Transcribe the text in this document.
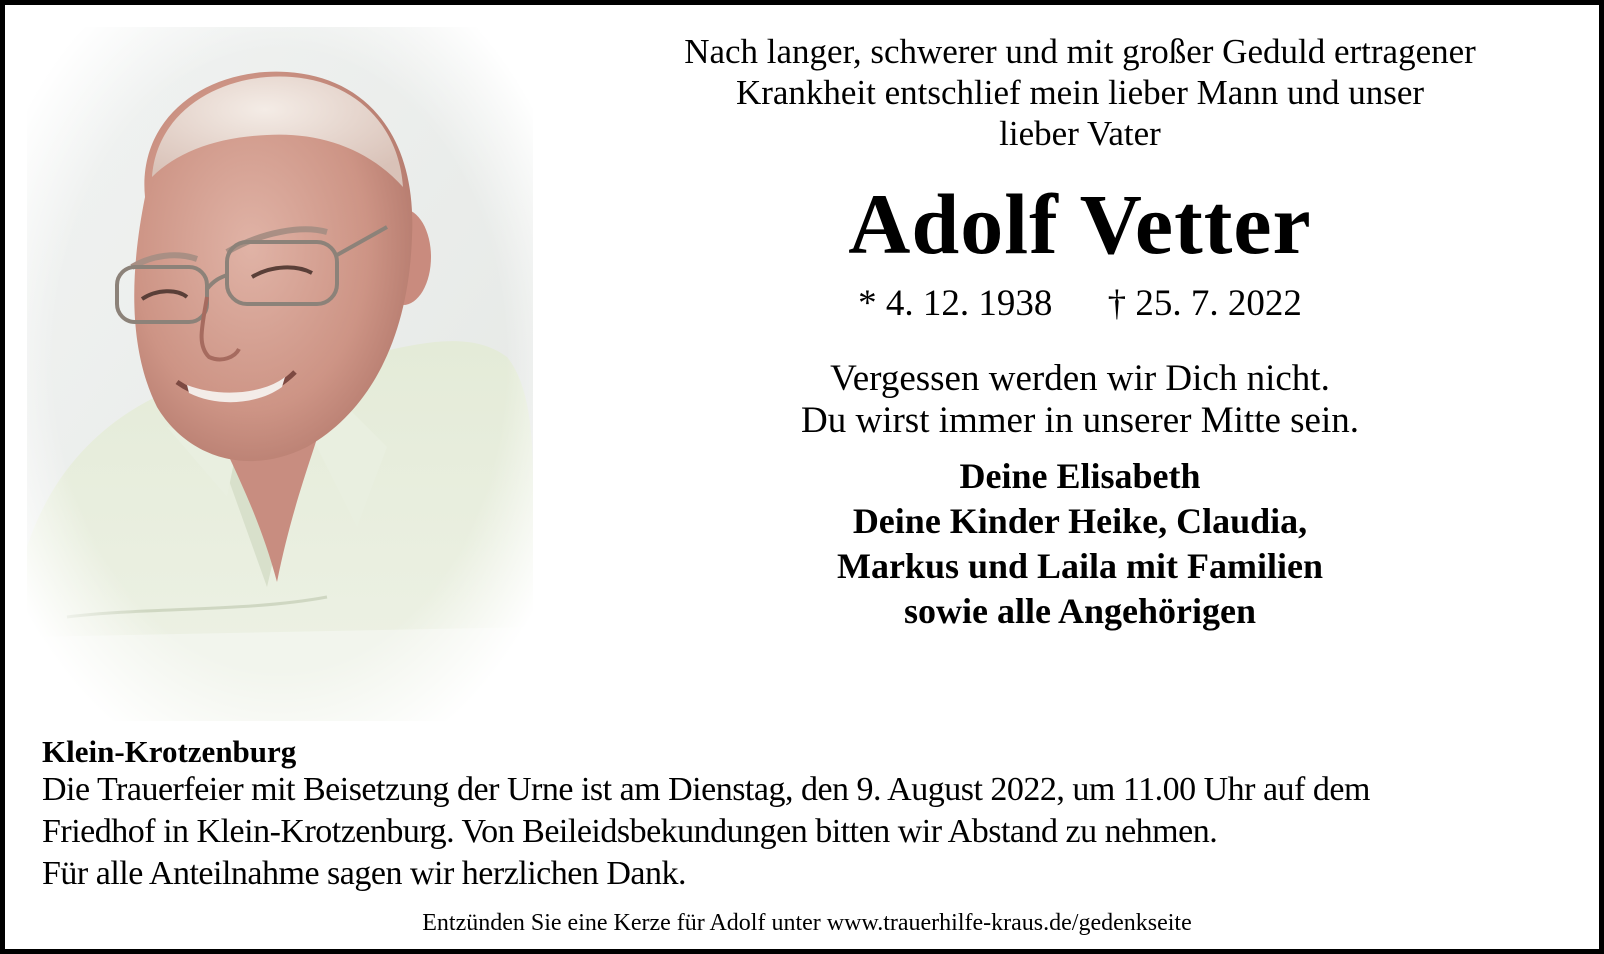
Nach langer, schwerer und mit großer Geduld ertragener
Krankheit entschlief mein lieber Mann und unser
lieber Vater
Adolf Vetter
* 4. 12. 1938 † 25. 7. 2022
Vergessen werden wir Dich nicht.
Du wirst immer in unserer Mitte sein.
Deine Elisabeth
Deine Kinder Heike, Claudia,
Markus und Laila mit Familien
sowie alle Angehörigen
Klein-Krotzenburg
Die Trauerfeier mit Beisetzung der Urne ist am Dienstag, den 9. August 2022, um 11.00 Uhr auf dem
Friedhof in Klein-Krotzenburg. Von Beileidsbekundungen bitten wir Abstand zu nehmen.
Für alle Anteilnahme sagen wir herzlichen Dank.
Entzünden Sie eine Kerze für Adolf unter www.trauerhilfe-kraus.de/gedenkseite
